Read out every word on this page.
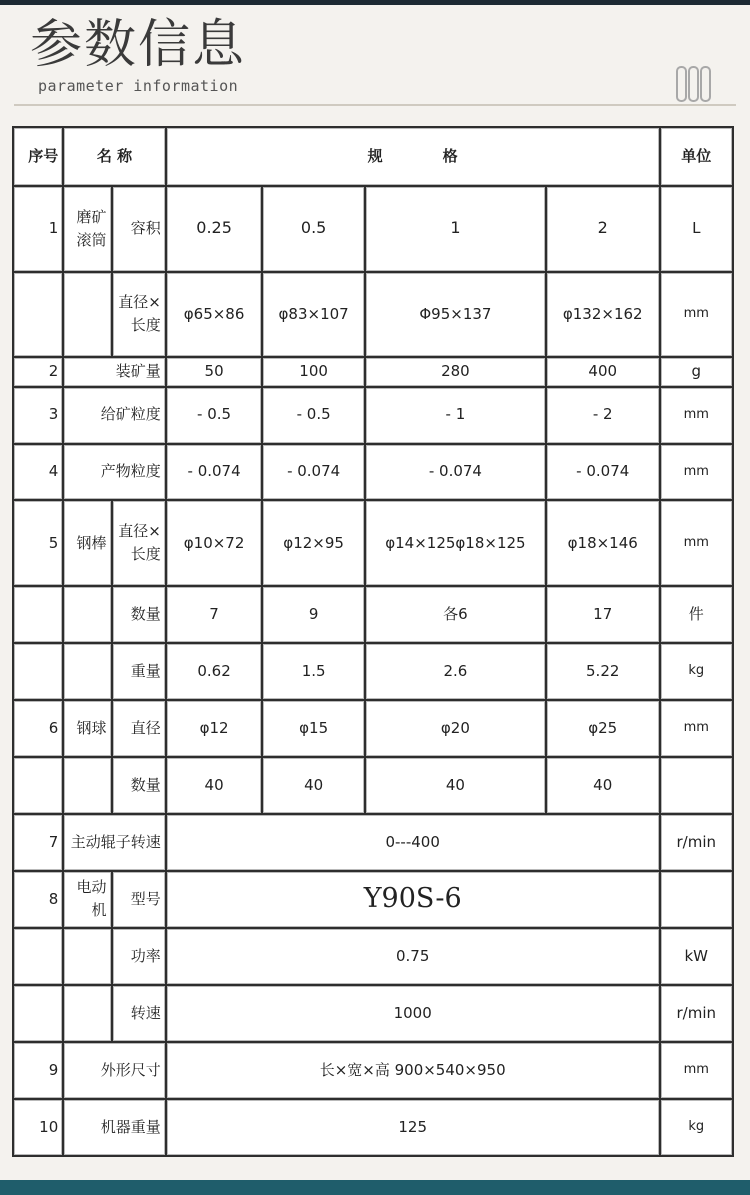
参数信息
parameter information
序号	名 称		规　　　　格				单位
1	磨矿滚筒	容积	0.25	0.5	1	2	L
		直径×长度	φ65×86	φ83×107	Φ95×137	φ132×162	mm
2	装矿量		50	100	280	400	g
3	给矿粒度		- 0.5	- 0.5	- 1	- 2	mm
4	产物粒度		- 0.074	- 0.074	- 0.074	- 0.074	mm
5	钢棒	直径×长度	φ10×72	φ12×95	φ14×125φ18×125	φ18×146	mm
		数量	7	9	各6	17	件
		重量	0.62	1.5	2.6	5.22	kg
6	钢球	直径	φ12	φ15	φ20	φ25	mm
		数量	40	40	40	40	
7	主动辊子转速		0---400				r/min
8	电动机	型号	Y90S-6				
		功率	0.75				kW
		转速	1000				r/min
9	外形尺寸		长×宽×高 900×540×950				mm
10	机器重量		125				kg
